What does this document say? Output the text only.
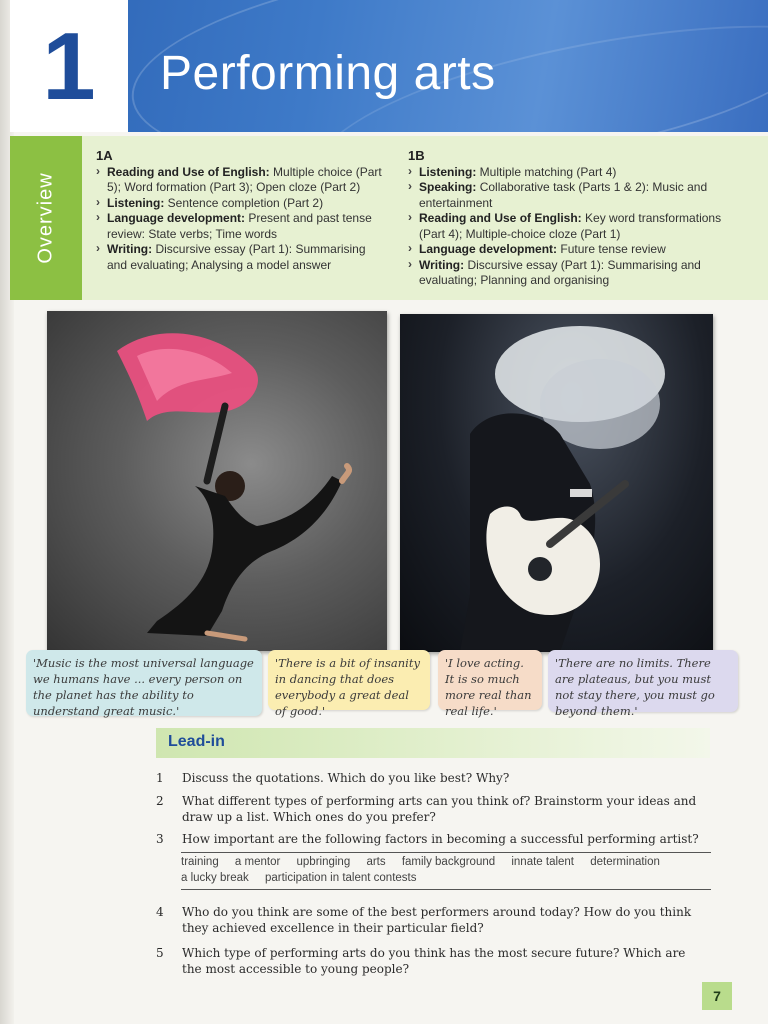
Performing arts
1
Overview
1A
› Reading and Use of English: Multiple choice (Part 5); Word formation (Part 3); Open cloze (Part 2)
› Listening: Sentence completion (Part 2)
› Language development: Present and past tense review: State verbs; Time words
› Writing: Discursive essay (Part 1): Summarising and evaluating; Analysing a model answer
1B
› Listening: Multiple matching (Part 4)
› Speaking: Collaborative task (Parts 1 & 2): Music and entertainment
› Reading and Use of English: Key word transformations (Part 4); Multiple-choice cloze (Part 1)
› Language development: Future tense review
› Writing: Discursive essay (Part 1): Summarising and evaluating; Planning and organising
'Music is the most universal language we humans have ... every person on the planet has the ability to understand great music.'
'There is a bit of insanity in dancing that does everybody a great deal of good.'
'I love acting. It is so much more real than real life.'
'There are no limits. There are plateaus, but you must not stay there, you must go beyond them.'
Lead-in
1	Discuss the quotations. Which do you like best? Why?
2	What different types of performing arts can you think of? Brainstorm your ideas and draw up a list. Which ones do you prefer?
3	How important are the following factors in becoming a successful performing artist?
4	Who do you think are some of the best performers around today? How do you think they achieved excellence in their particular field?
5	Which type of performing arts do you think has the most secure future? Which are the most accessible to young people?
training a mentor upbringing arts family background innate talent determination a lucky break participation in talent contests
7
